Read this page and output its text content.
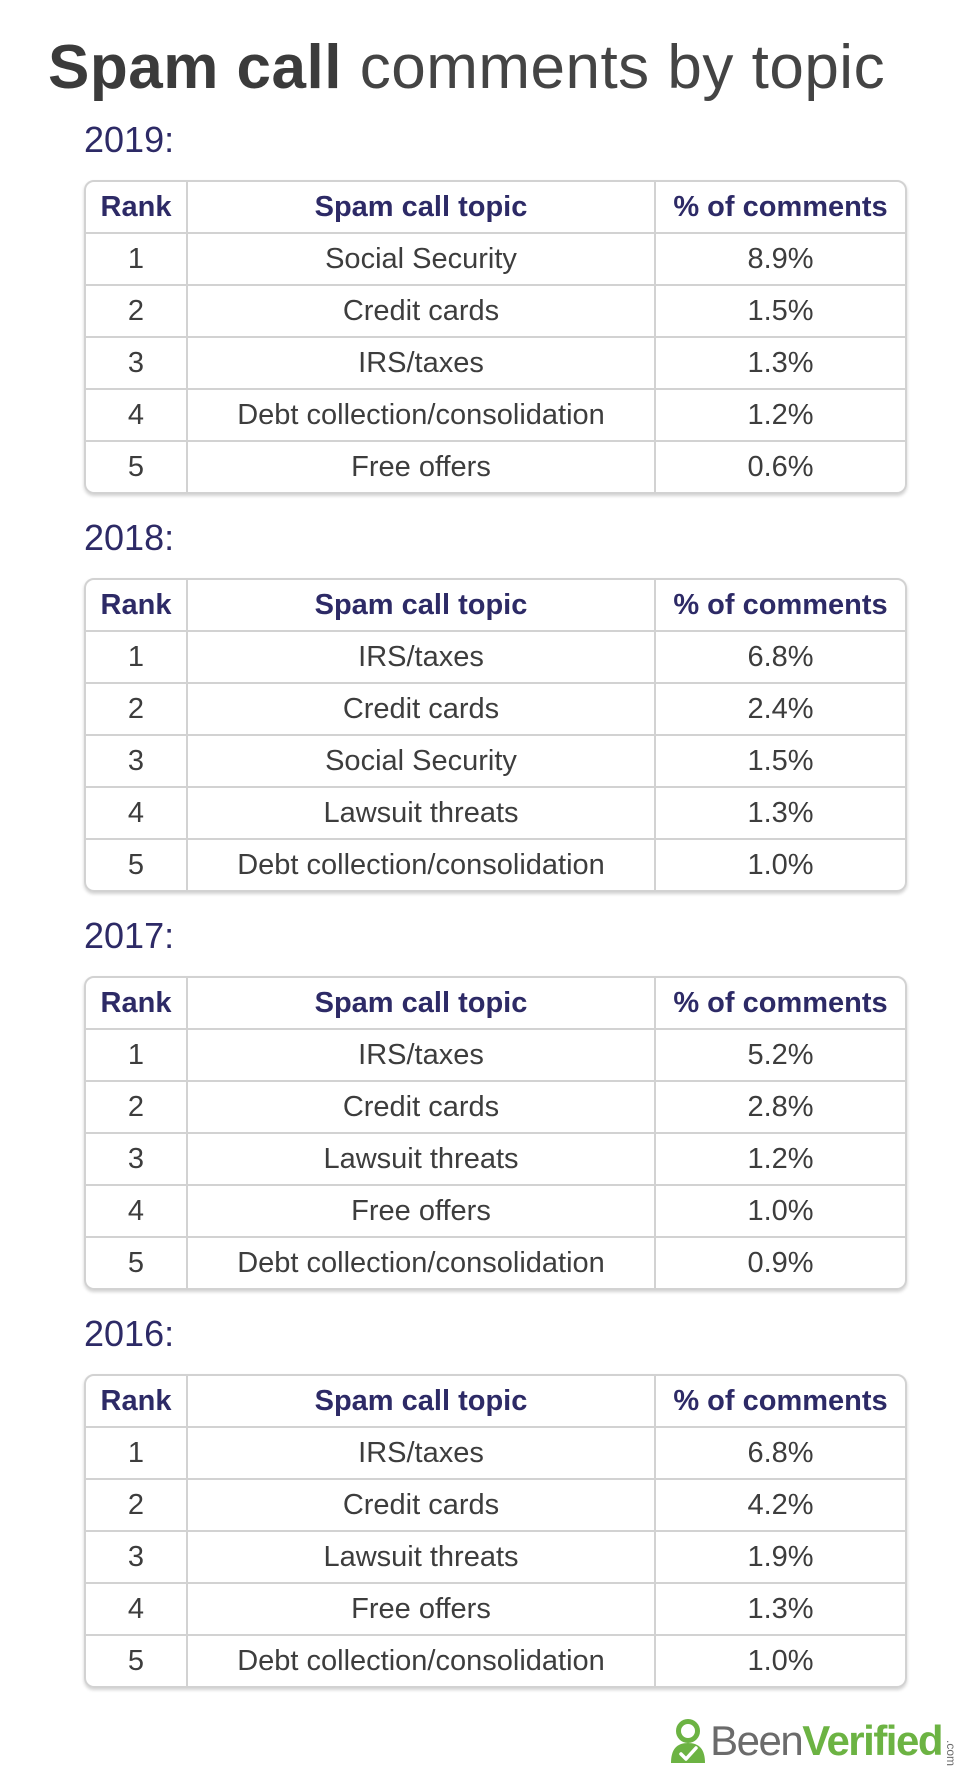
Spam call comments by topic
2019:
Rank	Spam call topic	% of comments
1	Social Security	8.9%
2	Credit cards	1.5%
3	IRS/taxes	1.3%
4	Debt collection/consolidation	1.2%
5	Free offers	0.6%
2018:
Rank	Spam call topic	% of comments
1	IRS/taxes	6.8%
2	Credit cards	2.4%
3	Social Security	1.5%
4	Lawsuit threats	1.3%
5	Debt collection/consolidation	1.0%
2017:
Rank	Spam call topic	% of comments
1	IRS/taxes	5.2%
2	Credit cards	2.8%
3	Lawsuit threats	1.2%
4	Free offers	1.0%
5	Debt collection/consolidation	0.9%
2016:
Rank	Spam call topic	% of comments
1	IRS/taxes	6.8%
2	Credit cards	4.2%
3	Lawsuit threats	1.9%
4	Free offers	1.3%
5	Debt collection/consolidation	1.0%
Been Verified .com
